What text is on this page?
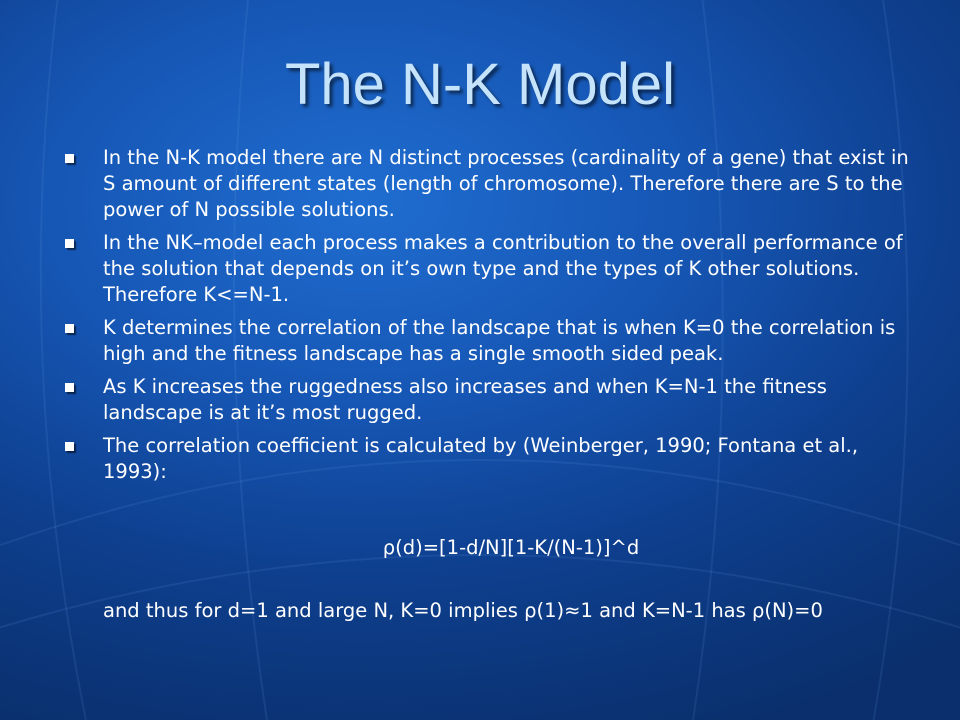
The N-K Model
In the N-K model there are N distinct processes (cardinality of a gene) that exist in S amount of different states (length of chromosome). Therefore there are S to the power of N possible solutions.
In the NK–model each process makes a contribution to the overall performance of the solution that depends on it’s own type and the types of K other solutions. Therefore K<=N-1.
K determines the correlation of the landscape that is when K=0 the correlation is high and the fitness landscape has a single smooth sided peak.
As K increases the ruggedness also increases and when K=N-1 the fitness landscape is at it’s most rugged.
The correlation coefficient is calculated by (Weinberger, 1990; Fontana et al., 1993):
ρ(d)=[1-d/N][1-K/(N-1)]^d
and thus for d=1 and large N, K=0 implies ρ(1)≈1 and K=N-1 has ρ(N)=0
